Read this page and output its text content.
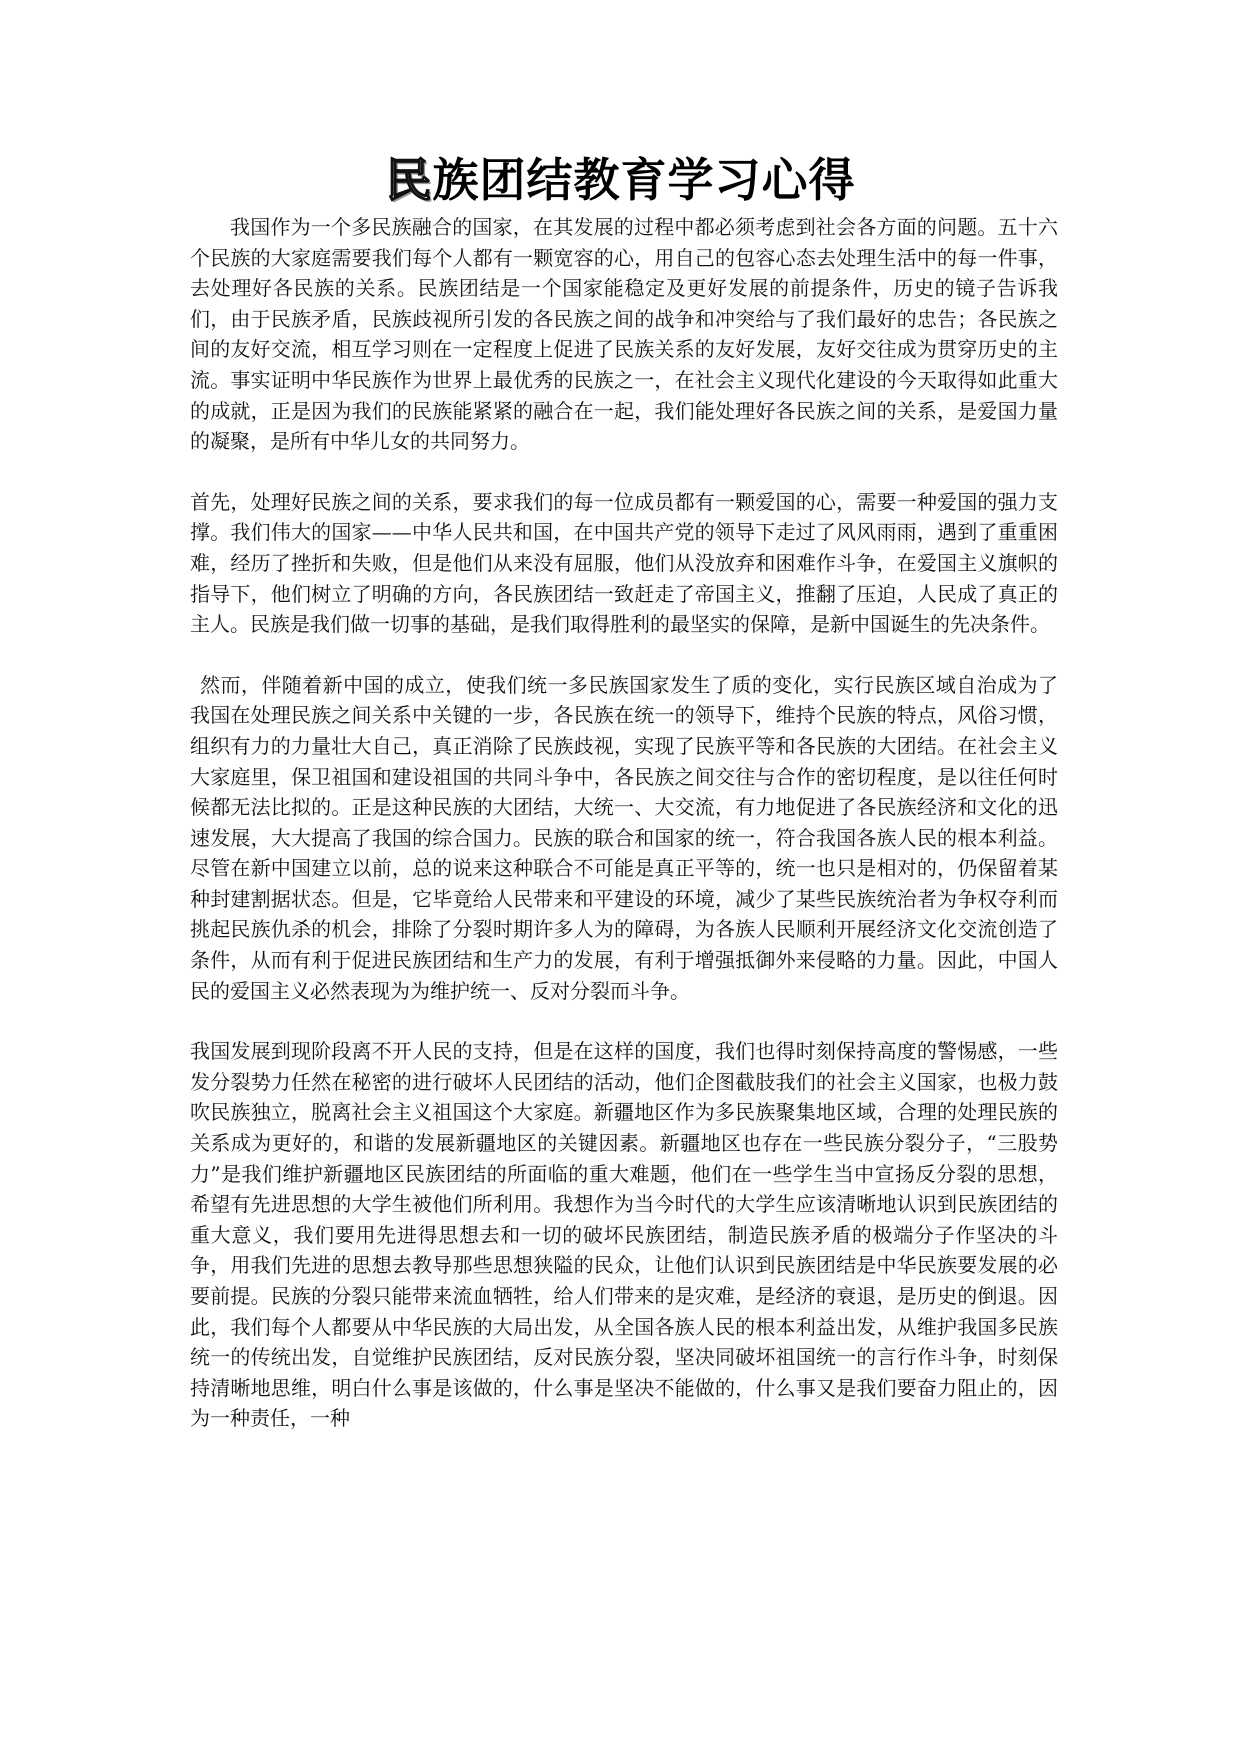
民族团结教育学习心得

我国作为一个多民族融合的国家，在其发展的过程中都必须考虑到社会各方面的问题。五十六个民族的大家庭需要我们每个人都有一颗宽容的心，用自己的包容心态去处理生活中的每一件事，去处理好各民族的关系。民族团结是一个国家能稳定及更好发展的前提条件，历史的镜子告诉我们，由于民族矛盾，民族歧视所引发的各民族之间的战争和冲突给与了我们最好的忠告；各民族之间的友好交流，相互学习则在一定程度上促进了民族关系的友好发展，友好交往成为贯穿历史的主流。事实证明中华民族作为世界上最优秀的民族之一，在社会主义现代化建设的今天取得如此重大的成就，正是因为我们的民族能紧紧的融合在一起，我们能处理好各民族之间的关系，是爱国力量的凝聚，是所有中华儿女的共同努力。

首先，处理好民族之间的关系，要求我们的每一位成员都有一颗爱国的心，需要一种爱国的强力支撑。我们伟大的国家——中华人民共和国，在中国共产党的领导下走过了风风雨雨，遇到了重重困难，经历了挫折和失败，但是他们从来没有屈服，他们从没放弃和困难作斗争，在爱国主义旗帜的指导下，他们树立了明确的方向，各民族团结一致赶走了帝国主义，推翻了压迫，人民成了真正的主人。民族是我们做一切事的基础，是我们取得胜利的最坚实的保障，是新中国诞生的先决条件。

然而，伴随着新中国的成立，使我们统一多民族国家发生了质的变化，实行民族区域自治成为了我国在处理民族之间关系中关键的一步，各民族在统一的领导下，维持个民族的特点，风俗习惯，组织有力的力量壮大自己，真正消除了民族歧视，实现了民族平等和各民族的大团结。在社会主义大家庭里，保卫祖国和建设祖国的共同斗争中，各民族之间交往与合作的密切程度，是以往任何时候都无法比拟的。正是这种民族的大团结，大统一、大交流，有力地促进了各民族经济和文化的迅速发展，大大提高了我国的综合国力。民族的联合和国家的统一，符合我国各族人民的根本利益。尽管在新中国建立以前，总的说来这种联合不可能是真正平等的，统一也只是相对的，仍保留着某种封建割据状态。但是，它毕竟给人民带来和平建设的环境，减少了某些民族统治者为争权夺利而挑起民族仇杀的机会，排除了分裂时期许多人为的障碍，为各族人民顺利开展经济文化交流创造了条件，从而有利于促进民族团结和生产力的发展，有利于增强抵御外来侵略的力量。因此，中国人民的爱国主义必然表现为为维护统一、反对分裂而斗争。

我国发展到现阶段离不开人民的支持，但是在这样的国度，我们也得时刻保持高度的警惕感，一些发分裂势力任然在秘密的进行破坏人民团结的活动，他们企图截肢我们的社会主义国家，也极力鼓吹民族独立，脱离社会主义祖国这个大家庭。新疆地区作为多民族聚集地区域，合理的处理民族的关系成为更好的，和谐的发展新疆地区的关键因素。新疆地区也存在一些民族分裂分子，“三股势力”是我们维护新疆地区民族团结的所面临的重大难题，他们在一些学生当中宣扬反分裂的思想，希望有先进思想的大学生被他们所利用。我想作为当今时代的大学生应该清晰地认识到民族团结的重大意义，我们要用先进得思想去和一切的破坏民族团结，制造民族矛盾的极端分子作坚决的斗争，用我们先进的思想去教导那些思想狭隘的民众，让他们认识到民族团结是中华民族要发展的必要前提。民族的分裂只能带来流血牺牲，给人们带来的是灾难，是经济的衰退，是历史的倒退。因此，我们每个人都要从中华民族的大局出发，从全国各族人民的根本利益出发，从维护我国多民族统一的传统出发，自觉维护民族团结，反对民族分裂，坚决同破坏祖国统一的言行作斗争，时刻保持清晰地思维，明白什么事是该做的，什么事是坚决不能做的，什么事又是我们要奋力阻止的，因为一种责任，一种
